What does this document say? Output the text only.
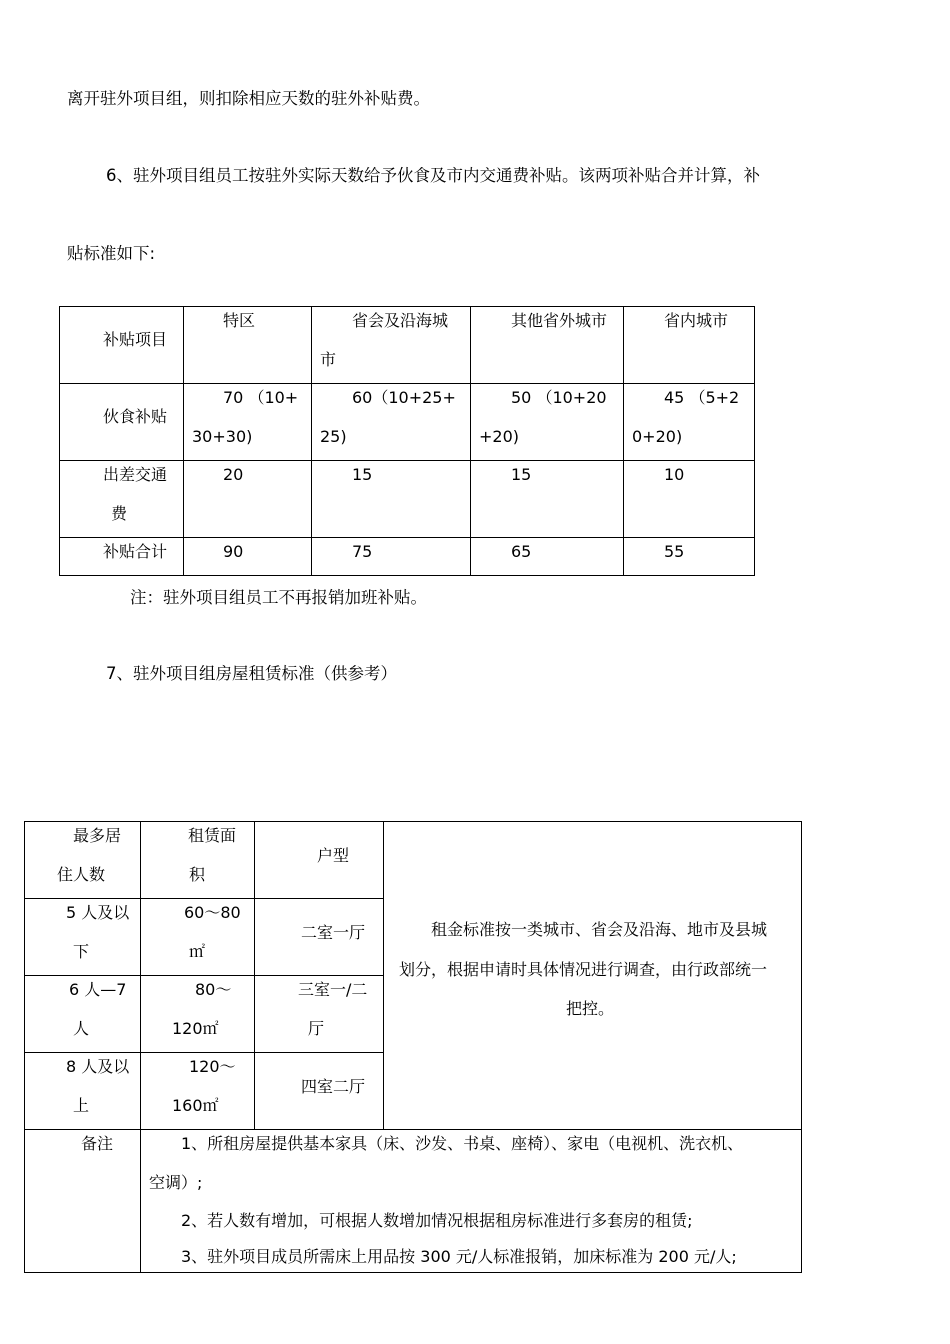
离开驻外项目组，则扣除相应天数的驻外补贴费。
6、驻外项目组员工按驻外实际天数给予伙食及市内交通费补贴。该两项补贴合并计算，补
贴标准如下:
补贴项目	特区	省会及沿海城
市	其他省外城市	省内城市

伙食补贴	70 （10+
30+30)	60（10+25+
25)	50 （10+20
+20)	45 （5+2
0+20)

出差交通
费	20	15	15	10

补贴合计	90	75	65	55
注：驻外项目组员工不再报销加班补贴。
7、驻外项目组房屋租赁标准（供参考）
最多居
住人数	租赁面
积	户型	租金标准按一类城市、省会及沿海、地市及县城
划分，根据申请时具体情况进行调查，由行政部统一
把控。

5 人及以
下	60～80
㎡	二室一厅	

6 人—7
人	80～
120㎡	三室一/二
厅	

8 人及以
上	120～
160㎡	四室二厅	

备注	1、所租房屋提供基本家具（床、沙发、书桌、座椅）、家电（电视机、洗衣机、
空调）;
2、若人数有增加，可根据人数增加情况根据租房标准进行多套房的租赁;
3、驻外项目成员所需床上用品按 300 元/人标准报销，加床标准为 200 元/人;		
